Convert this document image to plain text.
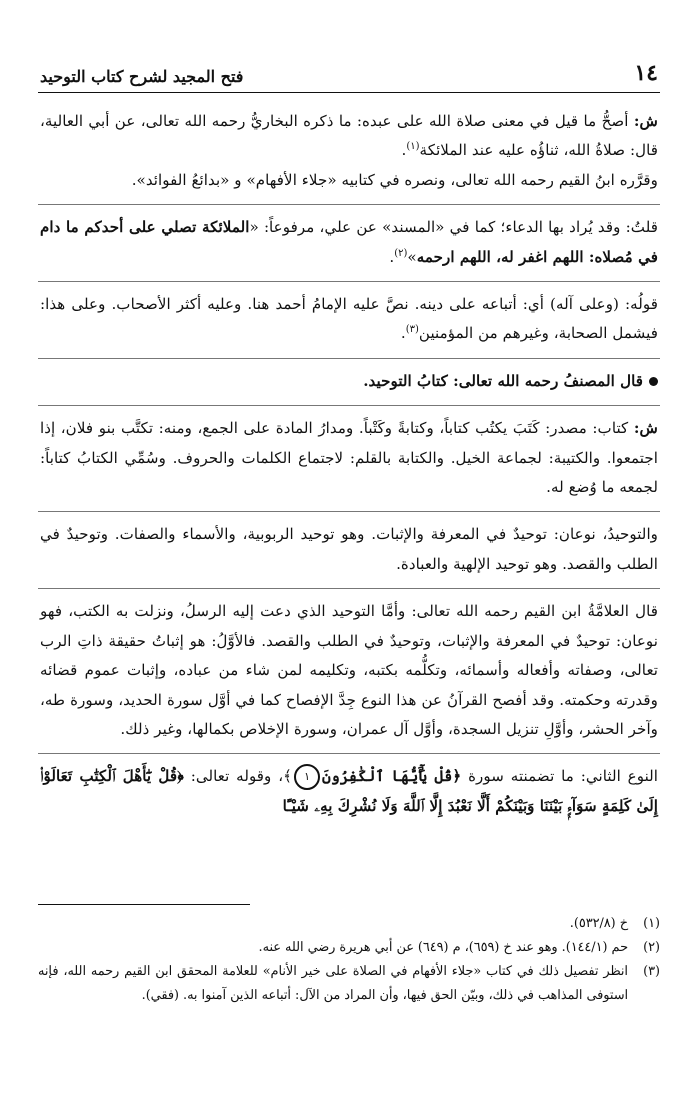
١٤
فتح المجيد لشرح كتاب التوحيد

ش: أصحُّ ما قيل في معنى صلاة الله على عبده: ما ذكره البخاريُّ رحمه الله تعالى، عن أبي العالية، قال: صلاةُ الله، ثناؤُه عليه عند الملائكة$^{(١)}$.

وقرَّره ابنُ القيم رحمه الله تعالى، ونصره في كتابيه «جلاء الأفهام» و «بدائعُ الفوائد».

قلتُ: وقد يُراد بها الدعاء؛ كما في «المسند» عن علي، مرفوعاً: «الملائكة تصلي على أحدكم ما دام في مُصلاه: اللهم اغفر له، اللهم ارحمه»$^{(٢)}$.

قولُه: (وعلى آله) أي: أتباعه على دينه. نصَّ عليه الإمامُ أحمد هنا. وعليه أكثر الأصحاب. وعلى هذا: فيشمل الصحابة، وغيرهم من المؤمنين$^{(٣)}$.

قال المصنفُ رحمه الله تعالى: كتابُ التوحيد.

ش: كتاب: مصدر: كَتَبَ يكتُب كتاباً، وكتابةً وكَتْباً. ومدارُ المادة على الجمع، ومنه: تكتَّب بنو فلان، إذا اجتمعوا. والكتيبة: لجماعة الخيل. والكتابة بالقلم: لاجتماع الكلمات والحروف. وسُمِّي الكتابُ كتاباً: لجمعه ما وُضع له.

والتوحيدُ، نوعان: توحيدٌ في المعرفة والإثبات. وهو توحيد الربوبية، والأسماء والصفات. وتوحيدٌ في الطلب والقصد. وهو توحيد الإلهية والعبادة.

قال العلامَّةُ ابن القيم رحمه الله تعالى: وأمَّا التوحيد الذي دعت إليه الرسلُ، ونزلت به الكتب، فهو نوعان: توحيدٌ في المعرفة والإثبات، وتوحيدٌ في الطلب والقصد. فالأوَّلُ: هو إثباتُ حقيقة ذاتِ الرب تعالى، وصفاته وأفعاله وأسمائه، وتكلُّمه بكتبه، وتكليمه لمن شاء من عباده، وإثبات عموم قضائه وقدرته وحكمته. وقد أفصح القرآنُ عن هذا النوع جِدَّ الإفصاح كما في أوَّل سورة الحديد، وسورة طه، وآخر الحشر، وأوَّلِ تنزيل السجدة، وأوَّل آل عمران، وسورة الإخلاص بكمالها، وغير ذلك.

النوع الثاني: ما تضمنته سورة ﴿قُلْ يَٰٓأَيُّهَا ٱلْكَٰفِرُونَ١﴾، وقوله تعالى: ﴿قُلْ يَٰٓأَهْلَ ٱلْكِتَٰبِ تَعَالَوْا۟ إِلَىٰ كَلِمَةٍ سَوَآءٍۭ بَيْنَنَا وَبَيْنَكُمْ أَلَّا نَعْبُدَ إِلَّا ٱللَّهَ وَلَا نُشْرِكَ بِهِۦ شَيْـًٔا

(١)
خ (٥٣٢/٨).
(٢)
حم (١٤٤/١). وهو عند خ (٦٥٩)، م (٦٤٩) عن أبي هريرة رضي الله عنه.
(٣)
انظر تفصيل ذلك في كتاب «جلاء الأفهام في الصلاة على خير الأنام» للعلامة المحقق ابن القيم رحمه الله، فإنه استوفى المذاهب في ذلك، وبيّن الحق فيها، وأن المراد من الآل: أتباعه الذين آمنوا به. (فقي).
